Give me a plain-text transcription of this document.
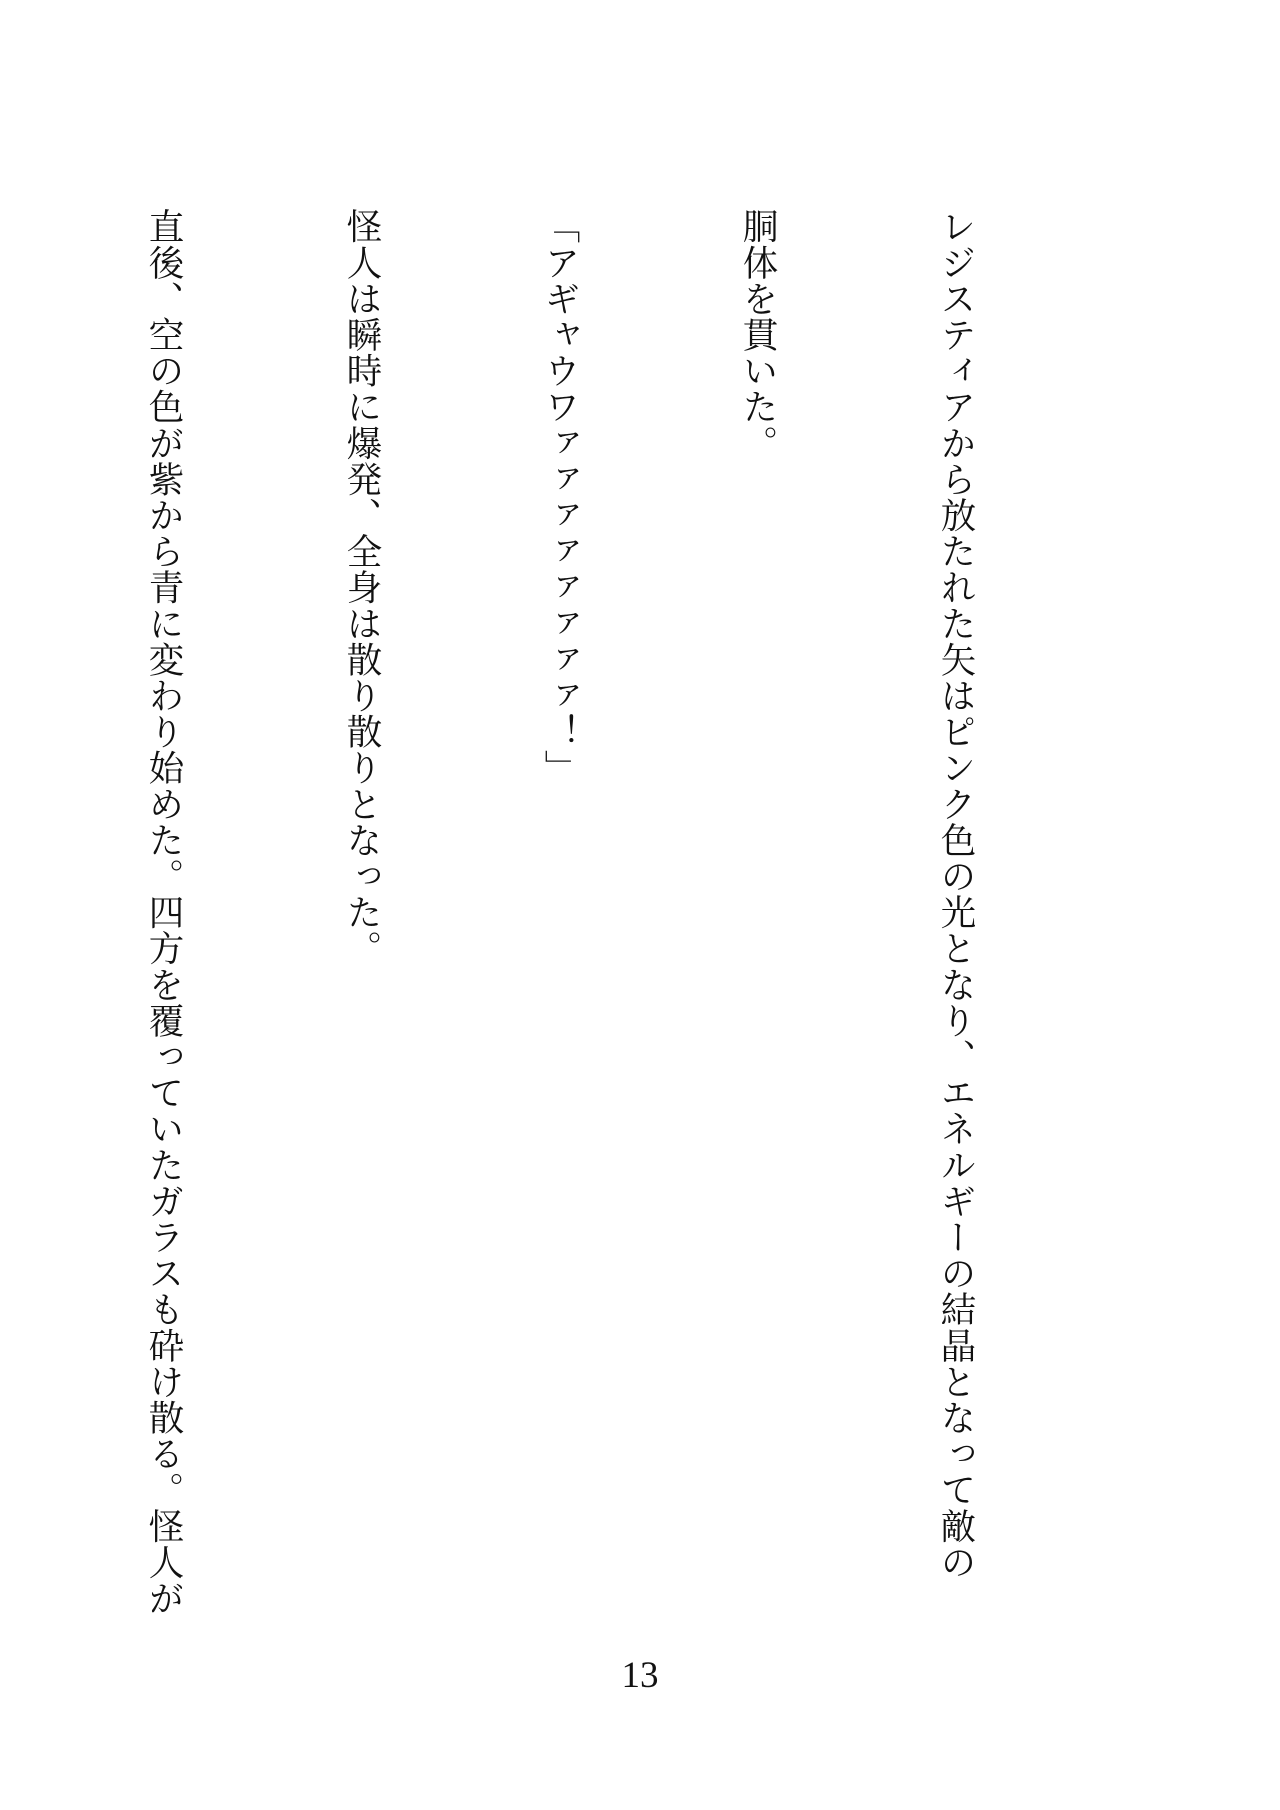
レジスティアから放たれた矢はピンク色の光となり、エネルギーの結晶となって敵の

胴体を貫いた。

「アギャウワァァァァァァァァ！」

怪人は瞬時に爆発、全身は散り散りとなった。

直後、空の色が紫から青に変わり始めた。四方を覆っていたガラスも砕け散る。怪人が

13
